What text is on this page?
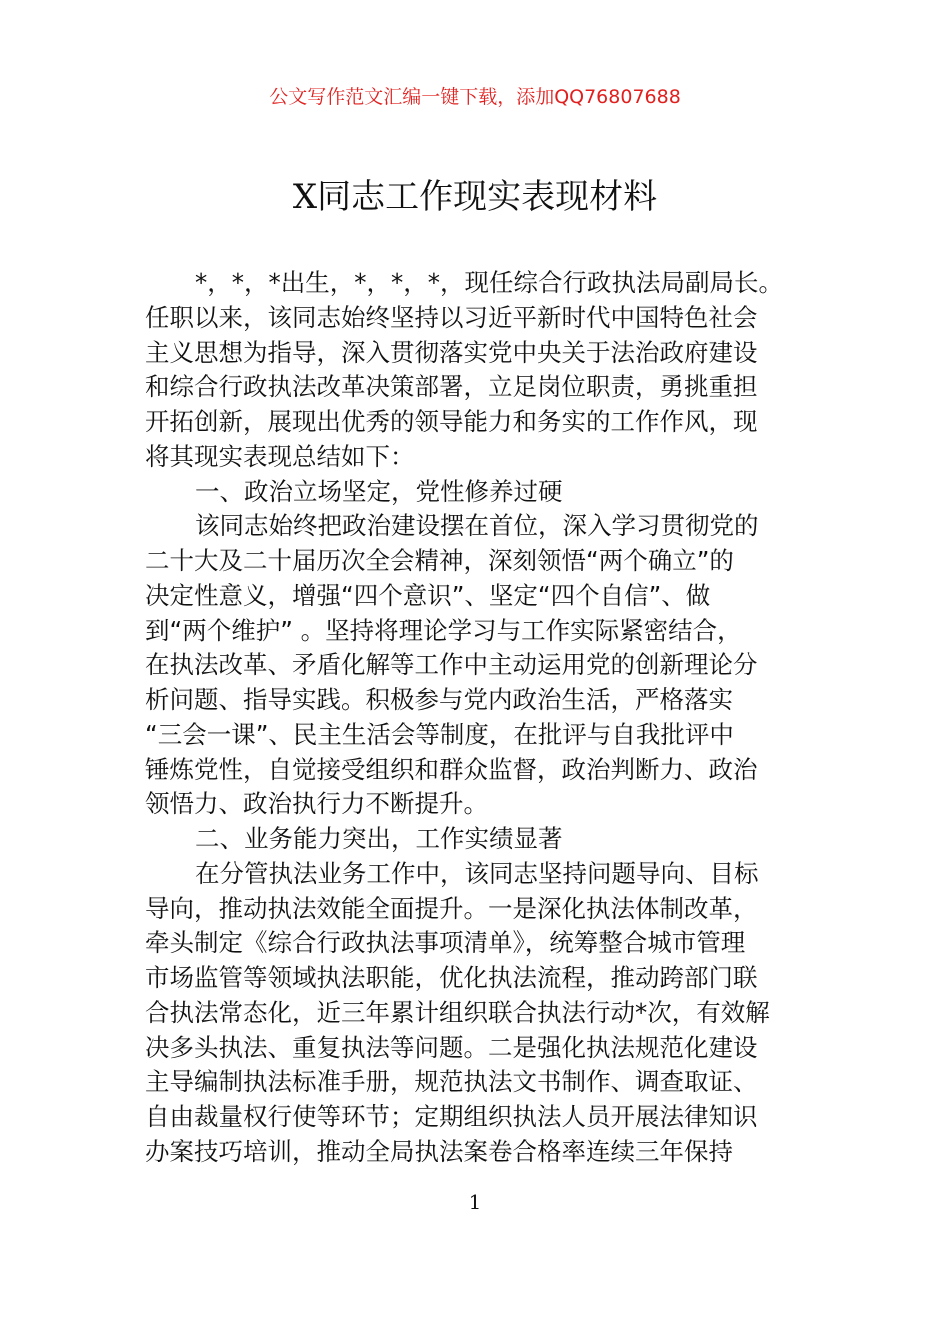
公文写作范文汇编一键下载，添加QQ76807688
X同志工作现实表现材料
*，*，*出生，*，*，*，现任综合行政执法局副局长。
任职以来，该同志始终坚持以习近平新时代中国特色社会
主义思想为指导，深入贯彻落实党中央关于法治政府建设
和综合行政执法改革决策部署，立足岗位职责，勇挑重担
开拓创新，展现出优秀的领导能力和务实的工作作风，现
将其现实表现总结如下：
一、政治立场坚定，党性修养过硬
该同志始终把政治建设摆在首位，深入学习贯彻党的
二十大及二十届历次全会精神，深刻领悟“两个确立”的
决定性意义，增强“四个意识”、坚定“四个自信”、做
到“两个维护” 。坚持将理论学习与工作实际紧密结合，
在执法改革、矛盾化解等工作中主动运用党的创新理论分
析问题、指导实践。积极参与党内政治生活，严格落实
“三会一课”、民主生活会等制度，在批评与自我批评中
锤炼党性，自觉接受组织和群众监督，政治判断力、政治
领悟力、政治执行力不断提升。
二、业务能力突出，工作实绩显著
在分管执法业务工作中，该同志坚持问题导向、目标
导向，推动执法效能全面提升。一是深化执法体制改革，
牵头制定《综合行政执法事项清单》，统筹整合城市管理
市场监管等领域执法职能，优化执法流程，推动跨部门联
合执法常态化，近三年累计组织联合执法行动*次，有效解
决多头执法、重复执法等问题。二是强化执法规范化建设
主导编制执法标准手册，规范执法文书制作、调查取证、
自由裁量权行使等环节；定期组织执法人员开展法律知识
办案技巧培训，推动全局执法案卷合格率连续三年保持
1
